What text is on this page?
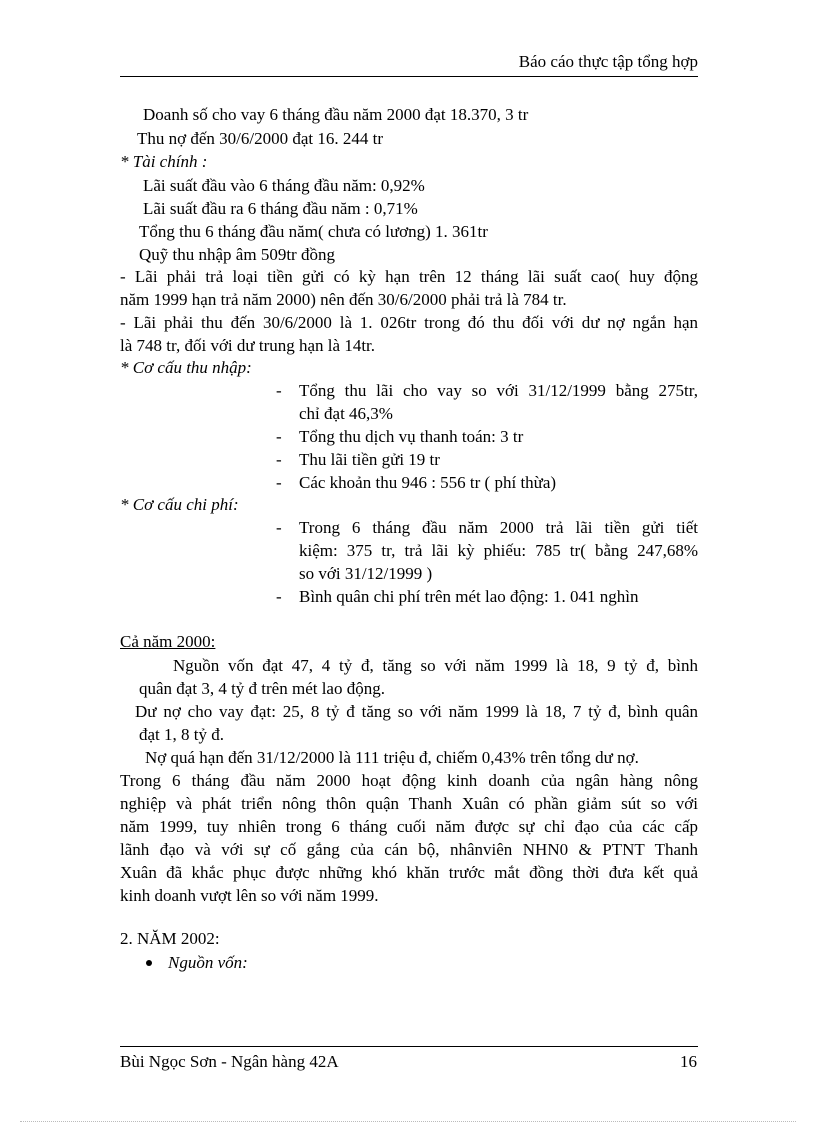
Báo cáo thực tập tổng hợp
Doanh số cho vay 6 tháng đầu năm 2000 đạt 18.370, 3 tr
Thu nợ đến 30/6/2000 đạt 16. 244 tr
* Tài chính :
Lãi suất đầu vào 6 tháng đầu năm: 0,92%
Lãi suất đầu ra 6 tháng đầu năm : 0,71%
Tổng thu 6 tháng đầu năm( chưa có lương) 1. 361tr
Quỹ thu nhập âm 509tr đồng
- Lãi phải trả loại tiền gửi có kỳ hạn trên 12 tháng lãi suất cao( huy động
năm 1999 hạn trả năm 2000) nên đến 30/6/2000 phải trả là 784 tr.
- Lãi phải thu đến 30/6/2000 là 1. 026tr trong đó thu đối với dư nợ ngắn hạn
là 748 tr, đối với dư trung hạn là 14tr.
* Cơ cấu thu nhập:
- Tổng thu lãi cho vay so với 31/12/1999 bằng 275tr,
chỉ đạt 46,3%
- Tổng thu dịch vụ thanh toán: 3 tr
- Thu lãi tiền gửi 19 tr
- Các khoản thu 946 : 556 tr ( phí thừa)
* Cơ cấu chi phí:
- Trong 6 tháng đầu năm 2000 trả lãi tiền gửi tiết
kiệm: 375 tr, trả lãi kỳ phiếu: 785 tr( bằng 247,68%
so với 31/12/1999 )
- Bình quân chi phí trên mét lao động: 1. 041 nghìn
Cả năm 2000:
Nguồn vốn đạt 47, 4 tỷ đ, tăng so với năm 1999 là 18, 9 tỷ đ, bình
quân đạt 3, 4 tỷ đ trên mét lao động.
Dư nợ cho vay đạt: 25, 8 tỷ đ tăng so với năm 1999 là 18, 7 tỷ đ, bình quân
đạt 1, 8 tỷ đ.
Nợ quá hạn đến 31/12/2000 là 111 triệu đ, chiếm 0,43% trên tổng dư nợ.
Trong 6 tháng đầu năm 2000 hoạt động kinh doanh của ngân hàng nông
nghiệp và phát triển nông thôn quận Thanh Xuân có phần giảm sút so với
năm 1999, tuy nhiên trong 6 tháng cuối năm được sự chỉ đạo của các cấp
lãnh đạo và với sự cố gắng của cán bộ, nhânviên NHN0 & PTNT Thanh
Xuân đã khắc phục được những khó khăn trước mắt đồng thời đưa kết quả
kinh doanh vượt lên so với năm 1999.
2. NĂM 2002:
Nguồn vốn:
Bùi Ngọc Sơn - Ngân hàng 42A	16
